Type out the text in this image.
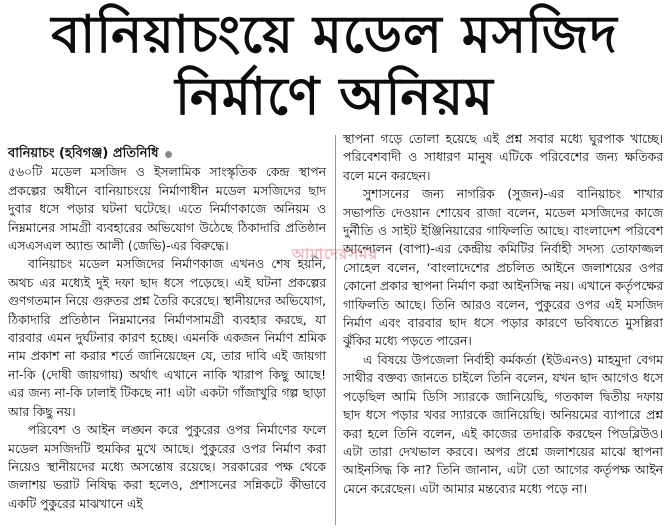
বানিয়াচংয়ে মডেল মসজিদ
নির্মাণে অনিয়ম

বানিয়াচং (হবিগঞ্জ) প্রতিনিধি

৫৬০টি মডেল মসজিদ ও ইসলামিক সাংস্কৃতিক কেন্দ্র স্থাপন প্রকল্পের অধীনে বানিয়াচংয়ে নির্মাণাধীন মডেল মসজিদের ছাদ দুবার ধসে পড়ার ঘটনা ঘটেছে। এতে নির্মাণকাজে অনিয়ম ও নিম্নমানের সামগ্রী ব্যবহারের অভিযোগ উঠেছে ঠিকাদারি প্রতিষ্ঠান এসএসএল অ্যান্ড আলী (জেভি)-এর বিরুদ্ধে।

বানিয়াচং মডেল মসজিদের নির্মাণকাজ এখনও শেষ হয়নি, অথচ এর মধ্যেই দুই দফা ছাদ ধসে পড়েছে। এই ঘটনা প্রকল্পের গুণগতমান নিয়ে গুরুতর প্রশ্ন তৈরি করেছে। স্থানীয়দের অভিযোগ, ঠিকাদারি প্রতিষ্ঠান নিম্নমানের নির্মাণসামগ্রী ব্যবহার করছে, যা বারবার এমন দুর্ঘটনার কারণ হচ্ছে। এমনকি একজন নির্মাণ শ্রমিক নাম প্রকাশ না করার শর্তে জানিয়েছেন যে, তার দাবি এই জায়গা না-কি (দোষী জায়গায়) অর্থাৎ এখানে নাকি খারাপ কিছু আছে! এর জন্য না-কি ঢালাই টিকছে না! এটা একটা গাঁজাখুরি গল্প ছাড়া আর কিছু নয়।

পরিবেশ ও আইন লঙ্ঘন করে পুকুরের ওপর নির্মাণের ফলে মডেল মসজিদটি হুমকির মুখে আছে। পুকুরের ওপর নির্মাণ করা নিয়েও স্থানীয়দের মধ্যে অসন্তোষ রয়েছে। সরকারের পক্ষ থেকে জলাশয় ভরাট নিষিদ্ধ করা হলেও, প্রশাসনের সন্নিকটে কীভাবে একটি পুকুরের মাঝখানে এই

স্থাপনা গড়ে তোলা হয়েছে এই প্রশ্ন সবার মধ্যে ঘুরপাক খাচ্ছে। পরিবেশবাদী ও সাধারণ মানুষ এটিকে পরিবেশের জন্য ক্ষতিকর বলে মনে করছেন।

সুশাসনের জন্য নাগরিক (সুজন)-এর বানিয়াচং শাখার সভাপতি দেওয়ান শোয়েব রাজা বলেন, মডেল মসজিদের কাজে দুর্নীতি ও সাইট ইঞ্জিনিয়ারের গাফিলতি আছে। বাংলাদেশ পরিবেশ আন্দোলন (বাপা)-এর কেন্দ্রীয় কমিটির নির্বাহী সদস্য তোফাজ্জল সোহেল বলেন, ‘বাংলাদেশের প্রচলিত আইনে জলাশয়ের ওপর কোনো প্রকার স্থাপনা নির্মাণ করা আইনসিদ্ধ নয়। এখানে কর্তৃপক্ষের গাফিলতি আছে। তিনি আরও বলেন, পুকুরের ওপর এই মসজিদ নির্মাণ এবং বারবার ছাদ ধসে পড়ার কারণে ভবিষ্যতে মুসল্লিরা ঝুঁকির মধ্যে পড়তে পারেন।

এ বিষয়ে উপজেলা নির্বাহী কর্মকর্তা (ইউএনও) মাহমুদা বেগম সাথীর বক্তব্য জানতে চাইলে তিনি বলেন, যখন ছাদ আগেও ধসে পড়েছিল আমি ডিসি স্যারকে জানিয়েছি, গতকাল দ্বিতীয় দফায় ছাদ ধসে পড়ার খবর স্যারকে জানিয়েছি। অনিয়মের ব্যাপারে প্রশ্ন করা হলে তিনি বলেন, এই কাজের তদারকি করছেন পিডব্লিউও। এটা তারা দেখভাল করবে। অপর প্রশ্নে জলাশয়ের মাঝে স্থাপনা আইনসিদ্ধ কি না? তিনি জানান, এটা তো আগের কর্তৃপক্ষ আইন মেনে করেছেন। এটা আমার মন্তব্যের মধ্যে পড়ে না।

আমাদেরসময়
